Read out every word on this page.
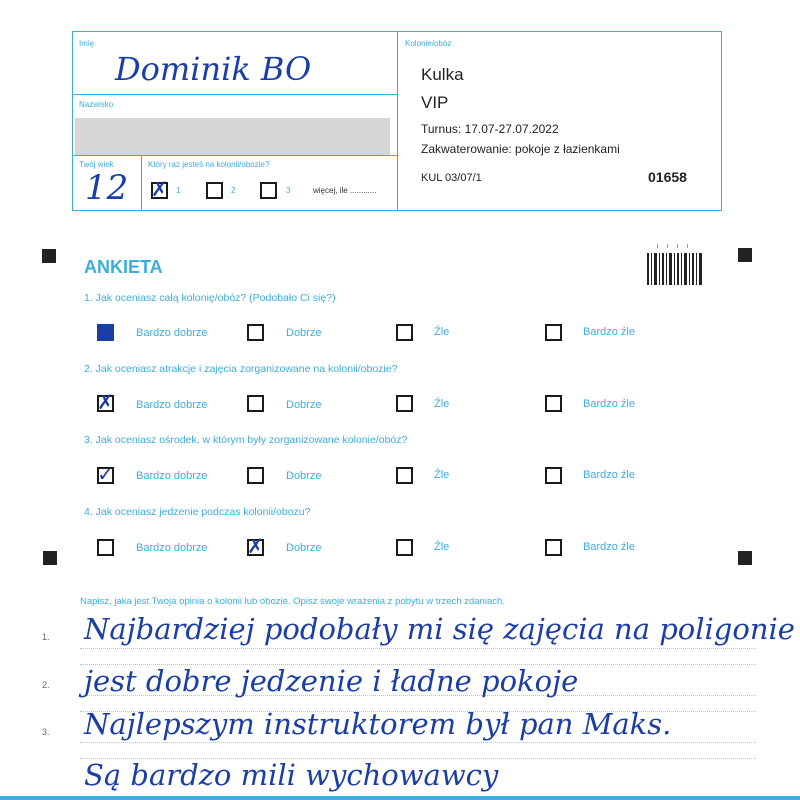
Imię
Dominik BO
Nazwisko
Twój wiek
12
Który raz jesteś na kolonii/obozie?
✗ 1	2	3	więcej, ile ............
Kolonie/obóz
Kulka
VIP
Turnus: 17.07-27.07.2022
Zakwaterowanie: pokoje z łazienkami
KUL 03/07/1	01658
ANKIETA
1. Jak oceniasz całą kolonię/obóz? (Podobało Ci się?)
Bardzo dobrze	Dobrze	Źle	Bardzo źle
2. Jak oceniasz atrakcje i zajęcia zorganizowane na kolonii/obozie?
✗ Bardzo dobrze	Dobrze	Źle	Bardzo źle
3. Jak oceniasz ośrodek, w którym były zorganizowane kolonie/obóz?
✓ Bardzo dobrze	Dobrze	Źle	Bardzo źle
4. Jak oceniasz jedzenie podczas kolonii/obozu?
Bardzo dobrze ✗ Dobrze	Źle	Bardzo źle
Napisz, jaka jest Twoja opinia o kolonii lub obozie. Opisz swoje wrażenia z pobytu w trzech zdaniach.
1.
2.
3.
Najbardziej podobały mi się zajęcia na poligonie
jest dobre jedzenie i ładne pokoje
Najlepszym instruktorem był pan Maks.
Są bardzo mili wychowawcy
